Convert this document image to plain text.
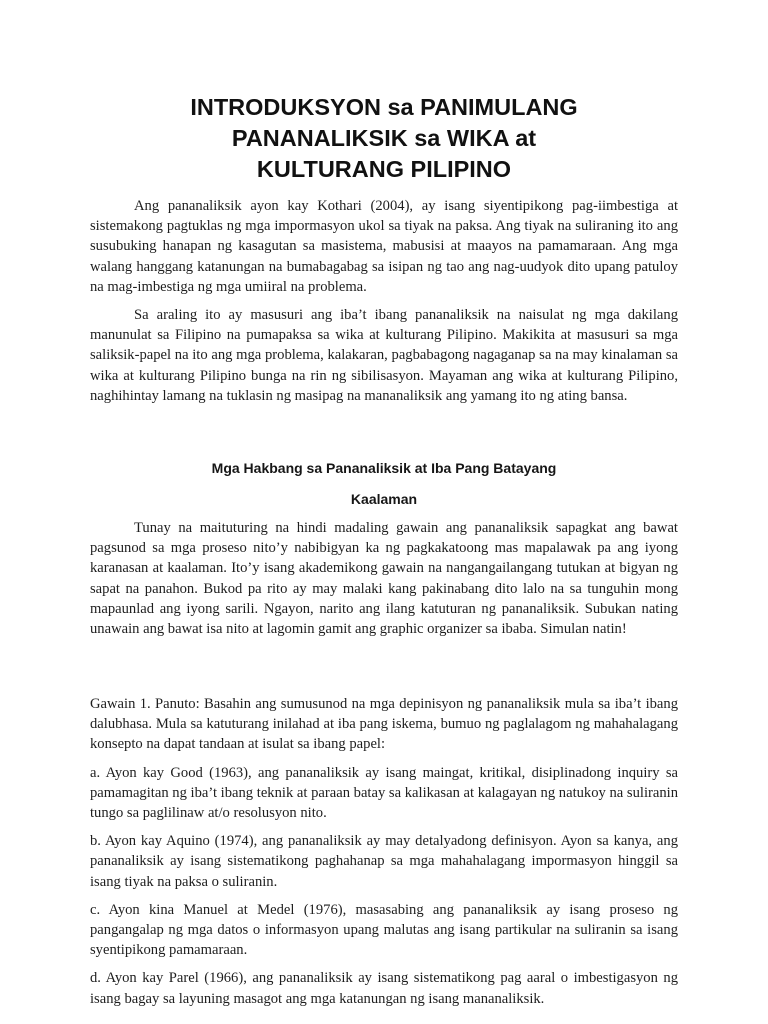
INTRODUKSYON sa PANIMULANG
PANANALIKSIK sa WIKA at
KULTURANG PILIPINO

Ang pananaliksik ayon kay Kothari (2004), ay isang siyentipikong pag-iimbestiga at sistemakong pagtuklas ng mga impormasyon ukol sa tiyak na paksa. Ang tiyak na suliraning ito ang susubuking hanapan ng kasagutan sa masistema, mabusisi at maayos na pamamaraan. Ang mga walang hanggang katanungan na bumabagabag sa isipan ng tao ang nag-uudyok dito upang patuloy na mag-imbestiga ng mga umiiral na problema.

Sa araling ito ay masusuri ang iba’t ibang pananaliksik na naisulat ng mga dakilang manunulat sa Filipino na pumapaksa sa wika at kulturang Pilipino. Makikita at masusuri sa mga saliksik-papel na ito ang mga problema, kalakaran, pagbabagong nagaganap sa na may kinalaman sa wika at kulturang Pilipino bunga na rin ng sibilisasyon. Mayaman ang wika at kulturang Pilipino, naghihintay lamang na tuklasin ng masipag na mananaliksik ang yamang ito ng ating bansa.

Mga Hakbang sa Pananaliksik at Iba Pang Batayang
Kaalaman

Tunay na maituturing na hindi madaling gawain ang pananaliksik sapagkat ang bawat pagsunod sa mga proseso nito’y nabibigyan ka ng pagkakatoong mas mapalawak pa ang iyong karanasan at kaalaman. Ito’y isang akademikong gawain na nangangailangang tutukan at bigyan ng sapat na panahon. Bukod pa rito ay may malaki kang pakinabang dito lalo na sa tunguhin mong mapaunlad ang iyong sarili. Ngayon, narito ang ilang katuturan ng pananaliksik. Subukan nating unawain ang bawat isa nito at lagomin gamit ang graphic organizer sa ibaba. Simulan natin!

Gawain 1. Panuto: Basahin ang sumusunod na mga depinisyon ng pananaliksik mula sa iba’t ibang dalubhasa. Mula sa katuturang inilahad at iba pang iskema, bumuo ng paglalagom ng mahahalagang konsepto na dapat tandaan at isulat sa ibang papel:

a. Ayon kay Good (1963), ang pananaliksik ay isang maingat, kritikal, disiplinadong inquiry sa pamamagitan ng iba’t ibang teknik at paraan batay sa kalikasan at kalagayan ng natukoy na suliranin tungo sa paglilinaw at/o resolusyon nito.

b. Ayon kay Aquino (1974), ang pananaliksik ay may detalyadong definisyon. Ayon sa kanya, ang pananaliksik ay isang sistematikong paghahanap sa mga mahahalagang impormasyon hinggil sa isang tiyak na paksa o suliranin.

c. Ayon kina Manuel at Medel (1976), masasabing ang pananaliksik ay isang proseso ng pangangalap ng mga datos o informasyon upang malutas ang isang partikular na suliranin sa isang syentipikong pamamaraan.

d. Ayon kay Parel (1966), ang pananaliksik ay isang sistematikong pag aaral o imbestigasyon ng isang bagay sa layuning masagot ang mga katanungan ng isang mananaliksik.
